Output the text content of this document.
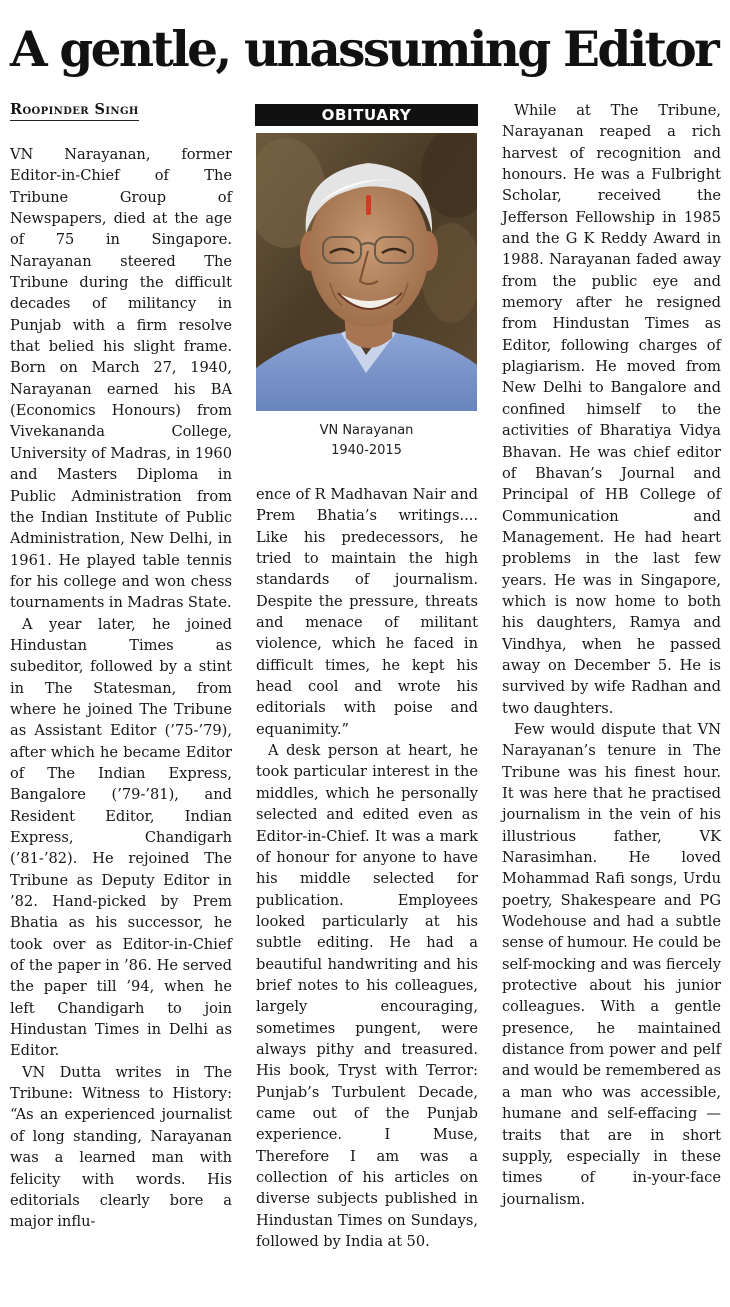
A gentle, unassuming Editor
Roopinder Singh	OBITUARY
VN Narayanan
1940-2015

VN Narayanan, former Editor-in-Chief of The Tribune Group of Newspapers, died at the age of 75 in Singapore. Narayanan steered The Tribune during the difficult decades of militancy in Punjab with a firm resolve that belied his slight frame. Born on March 27, 1940, Narayanan earned his BA (Economics Honours) from Vivekananda College, University of Madras, in 1960 and Masters Diploma in Public Administration from the Indian Institute of Public Administration, New Delhi, in 1961. He played table tennis for his college and won chess tournaments in Madras State.

A year later, he joined Hindustan Times as subeditor, followed by a stint in The Statesman, from where he joined The Tribune as Assistant Editor (’75-’79), after which he became Editor of The Indian Express, Bangalore (’79-’81), and Resident Editor, Indian Express, Chandigarh (’81-’82). He rejoined The Tribune as Deputy Editor in ’82. Hand-picked by Prem Bhatia as his successor, he took over as Editor-in-Chief of the paper in ’86. He served the paper till ’94, when he left Chandigarh to join Hindustan Times in Delhi as Editor.

VN Dutta writes in The Tribune: Witness to History: “As an experienced journalist of long standing, Narayanan was a learned man with felicity with words. His editorials clearly bore a major influ-

ence of R Madhavan Nair and Prem Bhatia’s writings.... Like his predecessors, he tried to maintain the high standards of journalism. Despite the pressure, threats and menace of militant violence, which he faced in difficult times, he kept his head cool and wrote his editorials with poise and equanimity.”

A desk person at heart, he took particular interest in the middles, which he personally selected and edited even as Editor-in-Chief. It was a mark of honour for anyone to have his middle selected for publication. Employees looked particularly at his subtle editing. He had a beautiful handwriting and his brief notes to his colleagues, largely encouraging, sometimes pungent, were always pithy and treasured. His book, Tryst with Terror: Punjab’s Turbulent Decade, came out of the Punjab experience. I Muse, Therefore I am was a collection of his articles on diverse subjects published in Hindustan Times on Sundays, followed by India at 50.

While at The Tribune, Narayanan reaped a rich harvest of recognition and honours. He was a Fulbright Scholar, received the Jefferson Fellowship in 1985 and the G K Reddy Award in 1988. Narayanan faded away from the public eye and memory after he resigned from Hindustan Times as Editor, following charges of plagiarism. He moved from New Delhi to Bangalore and confined himself to the activities of Bharatiya Vidya Bhavan. He was chief editor of Bhavan’s Journal and Principal of HB College of Communication and Management. He had heart problems in the last few years. He was in Singapore, which is now home to both his daughters, Ramya and Vindhya, when he passed away on December 5. He is survived by wife Radhan and two daughters.

Few would dispute that VN Narayanan’s tenure in The Tribune was his finest hour. It was here that he practised journalism in the vein of his illustrious father, VK Narasimhan. He loved Mohammad Rafi songs, Urdu poetry, Shakespeare and PG Wodehouse and had a subtle sense of humour. He could be self-mocking and was fiercely protective about his junior colleagues. With a gentle presence, he maintained distance from power and pelf and would be remembered as a man who was accessible, humane and self-effacing — traits that are in short supply, especially in these times of in-your-face journalism.
